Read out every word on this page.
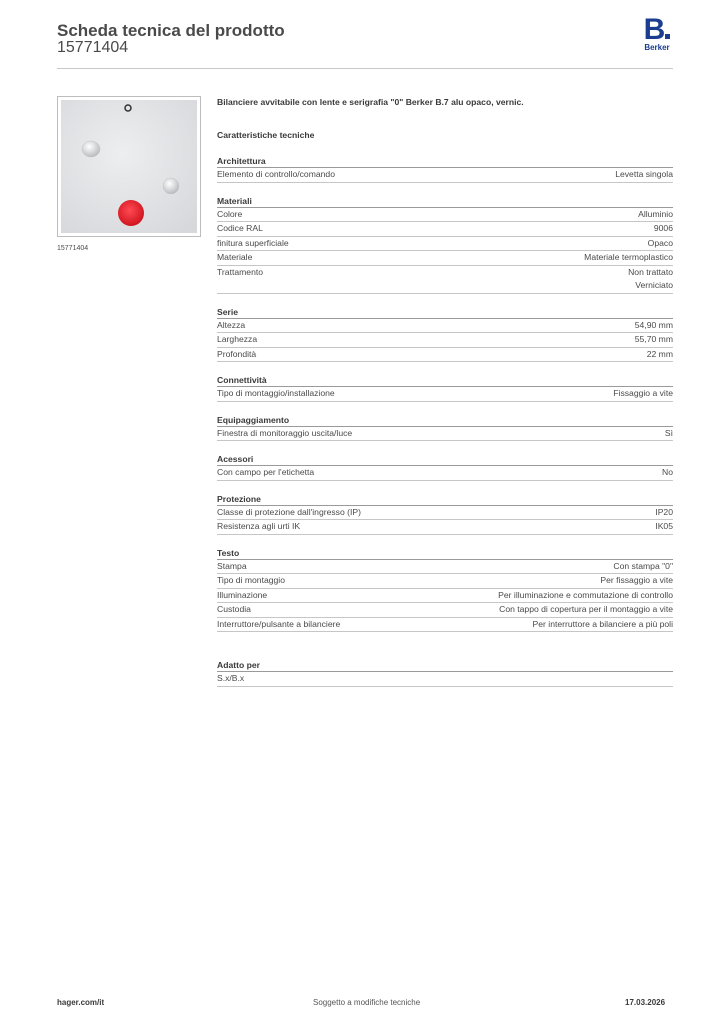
Scheda tecnica del prodotto
15771404
B
Berker
15771404
Bilanciere avvitabile con lente e serigrafia "0" Berker B.7 alu opaco, vernic.
Caratteristiche tecniche
Architettura
Elemento di controllo/comando	Levetta singola
Materiali
Colore	Alluminio
Codice RAL	9006
finitura superficiale	Opaco
Materiale	Materiale termoplastico
Trattamento	Non trattato
Verniciato
Serie
Altezza	54,90 mm
Larghezza	55,70 mm
Profondità	22 mm
Connettività
Tipo di montaggio/installazione	Fissaggio a vite
Equipaggiamento
Finestra di monitoraggio uscita/luce	Sì
Acessori
Con campo per l'etichetta	No
Protezione
Classe di protezione dall'ingresso (IP)	IP20
Resistenza agli urti IK	IK05
Testo
Stampa	Con stampa "0"
Tipo di montaggio	Per fissaggio a vite
Illuminazione	Per illuminazione e commutazione di controllo
Custodia	Con tappo di copertura per il montaggio a vite
Interruttore/pulsante a bilanciere	Per interruttore a bilanciere a più poli
Adatto per
S.x/B.x
hager.com/it	Soggetto a modifiche tecniche	17.03.2026
